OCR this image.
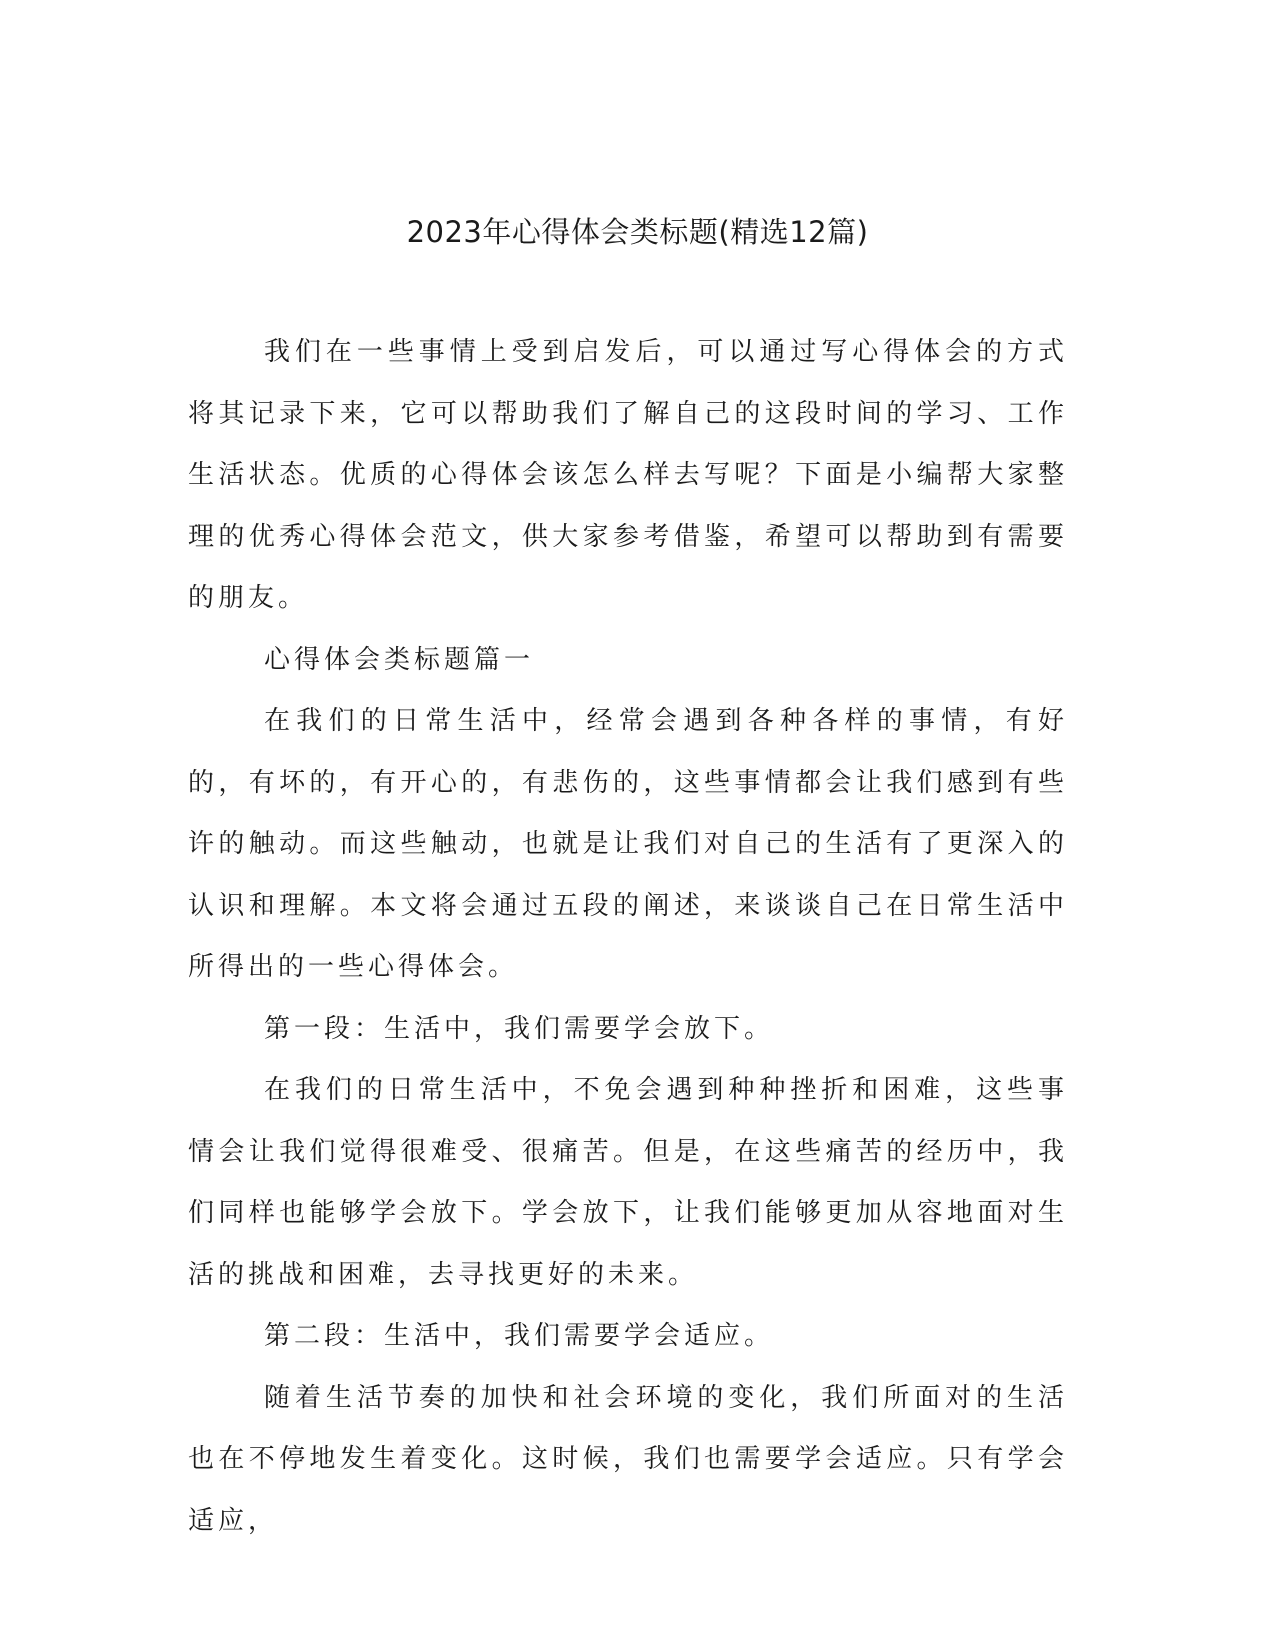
2023年心得体会类标题(精选12篇)

我们在一些事情上受到启发后，可以通过写心得体会的方式将其记录下来，它可以帮助我们了解自己的这段时间的学习、工作生活状态。优质的心得体会该怎么样去写呢？下面是小编帮大家整理的优秀心得体会范文，供大家参考借鉴，希望可以帮助到有需要的朋友。

心得体会类标题篇一

在我们的日常生活中，经常会遇到各种各样的事情，有好的，有坏的，有开心的，有悲伤的，这些事情都会让我们感到有些许的触动。而这些触动，也就是让我们对自己的生活有了更深入的认识和理解。本文将会通过五段的阐述，来谈谈自己在日常生活中所得出的一些心得体会。

第一段：生活中，我们需要学会放下。

在我们的日常生活中，不免会遇到种种挫折和困难，这些事情会让我们觉得很难受、很痛苦。但是，在这些痛苦的经历中，我们同样也能够学会放下。学会放下，让我们能够更加从容地面对生活的挑战和困难，去寻找更好的未来。

第二段：生活中，我们需要学会适应。

随着生活节奏的加快和社会环境的变化，我们所面对的生活也在不停地发生着变化。这时候，我们也需要学会适应。只有学会适应，
